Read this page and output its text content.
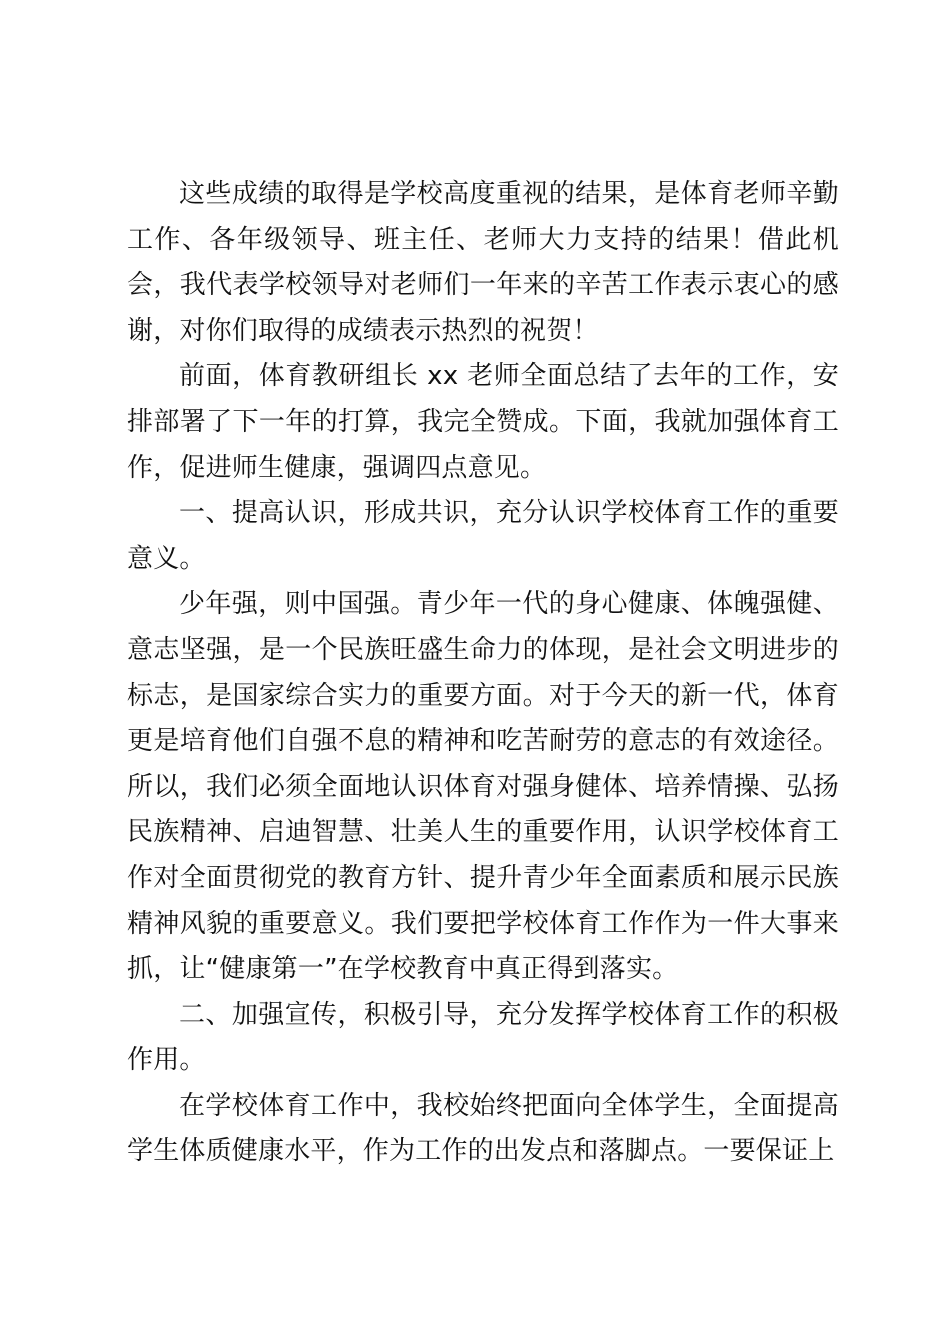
这些成绩的取得是学校高度重视的结果，是体育老师辛勤工作、各年级领导、班主任、老师大力支持的结果！借此机会，我代表学校领导对老师们一年来的辛苦工作表示衷心的感谢，对你们取得的成绩表示热烈的祝贺！

前面，体育教研组长 xx 老师全面总结了去年的工作，安排部署了下一年的打算，我完全赞成。下面，我就加强体育工作，促进师生健康，强调四点意见。

一、提高认识，形成共识，充分认识学校体育工作的重要意义。

少年强，则中国强。青少年一代的身心健康、体魄强健、意志坚强，是一个民族旺盛生命力的体现，是社会文明进步的标志，是国家综合实力的重要方面。对于今天的新一代，体育更是培育他们自强不息的精神和吃苦耐劳的意志的有效途径。所以，我们必须全面地认识体育对强身健体、培养情操、弘扬民族精神、启迪智慧、壮美人生的重要作用，认识学校体育工作对全面贯彻党的教育方针、提升青少年全面素质和展示民族精神风貌的重要意义。我们要把学校体育工作作为一件大事来抓，让“健康第一”在学校教育中真正得到落实。

二、加强宣传，积极引导，充分发挥学校体育工作的积极作用。

在学校体育工作中，我校始终把面向全体学生，全面提高学生体质健康水平，作为工作的出发点和落脚点。一要保证上
